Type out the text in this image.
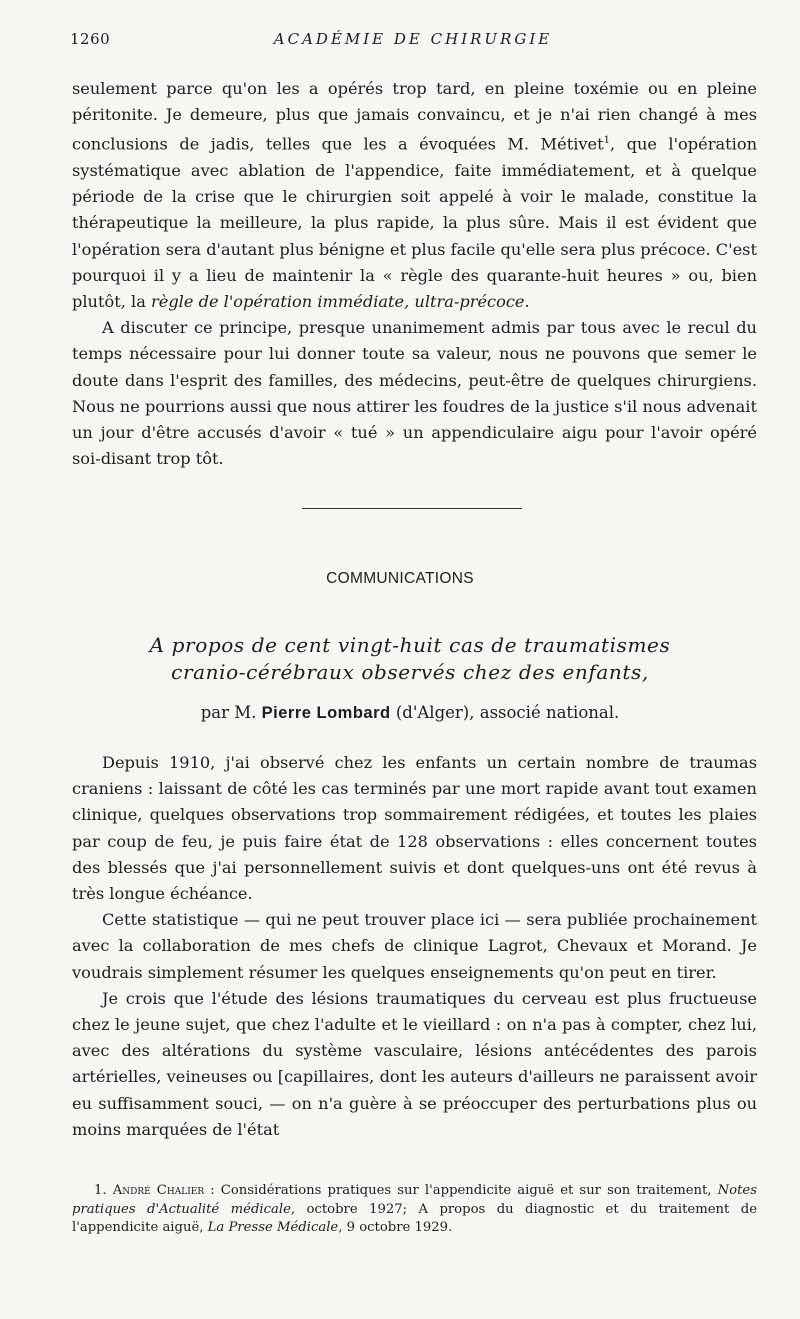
1260	ACADÉMIE DE CHIRURGIE

seulement parce qu'on les a opérés trop tard, en pleine toxémie ou en pleine péritonite. Je demeure, plus que jamais convaincu, et je n'ai rien changé à mes conclusions de jadis, telles que les a évoquées M. Métivet$^1$, que l'opération systématique avec ablation de l'appendice, faite immédiatement, et à quelque période de la crise que le chirurgien soit appelé à voir le malade, constitue la thérapeutique la meilleure, la plus rapide, la plus sûre. Mais il est évident que l'opération sera d'autant plus bénigne et plus facile qu'elle sera plus précoce. C'est pourquoi il y a lieu de maintenir la « règle des quarante-huit heures » ou, bien plutôt, la règle de l'opération immédiate, ultra-précoce.

A discuter ce principe, presque unanimement admis par tous avec le recul du temps nécessaire pour lui donner toute sa valeur, nous ne pouvons que semer le doute dans l'esprit des familles, des médecins, peut-être de quelques chirurgiens. Nous ne pourrions aussi que nous attirer les foudres de la justice s'il nous advenait un jour d'être accusés d'avoir « tué » un appendiculaire aigu pour l'avoir opéré soi-disant trop tôt.

COMMUNICATIONS
A propos de cent vingt-huit cas de traumatismes
cranio-cérébraux observés chez des enfants,
par M. Pierre Lombard (d'Alger), associé national.

Depuis 1910, j'ai observé chez les enfants un certain nombre de traumas craniens : laissant de côté les cas terminés par une mort rapide avant tout examen clinique, quelques observations trop sommairement rédigées, et toutes les plaies par coup de feu, je puis faire état de 128 observations : elles concernent toutes des blessés que j'ai personnellement suivis et dont quelques-uns ont été revus à très longue échéance.

Cette statistique — qui ne peut trouver place ici — sera publiée prochainement avec la collaboration de mes chefs de clinique Lagrot, Chevaux et Morand. Je voudrais simplement résumer les quelques enseignements qu'on peut en tirer.

Je crois que l'étude des lésions traumatiques du cerveau est plus fructueuse chez le jeune sujet, que chez l'adulte et le vieillard : on n'a pas à compter, chez lui, avec des altérations du système vasculaire, lésions antécédentes des parois artérielles, veineuses ou [capillaires, dont les auteurs d'ailleurs ne paraissent avoir eu suffisamment souci, — on n'a guère à se préoccuper des perturbations plus ou moins marquées de l'état

1. André Chalier : Considérations pratiques sur l'appendicite aiguë et sur son traitement, Notes pratiques d'Actualité médicale, octobre 1927; A propos du diagnostic et du traitement de l'appendicite aiguë, La Presse Médicale, 9 octobre 1929.
